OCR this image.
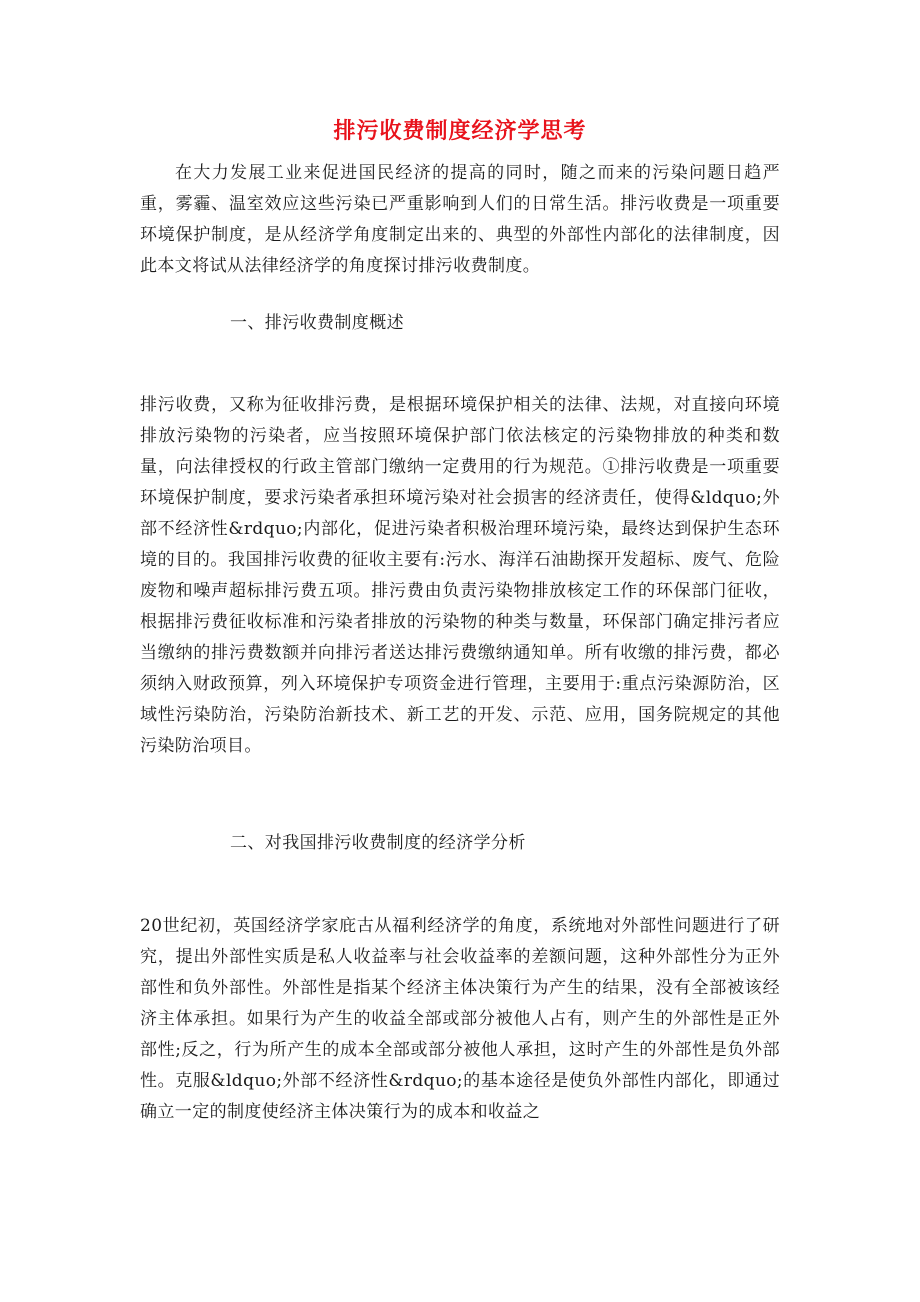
排污收费制度经济学思考

在大力发展工业来促进国民经济的提高的同时，随之而来的污染问题日趋严重，雾霾、温室效应这些污染已严重影响到人们的日常生活。排污收费是一项重要环境保护制度，是从经济学角度制定出来的、典型的外部性内部化的法律制度，因此本文将试从法律经济学的角度探讨排污收费制度。

一、排污收费制度概述

排污收费，又称为征收排污费，是根据环境保护相关的法律、法规，对直接向环境排放污染物的污染者，应当按照环境保护部门依法核定的污染物排放的种类和数量，向法律授权的行政主管部门缴纳一定费用的行为规范。①排污收费是一项重要环境保护制度，要求污染者承担环境污染对社会损害的经济责任，使得&ldquo;外部不经济性&rdquo;内部化，促进污染者积极治理环境污染，最终达到保护生态环境的目的。我国排污收费的征收主要有:污水、海洋石油勘探开发超标、废气、危险废物和噪声超标排污费五项。排污费由负责污染物排放核定工作的环保部门征收，根据排污费征收标准和污染者排放的污染物的种类与数量，环保部门确定排污者应当缴纳的排污费数额并向排污者送达排污费缴纳通知单。所有收缴的排污费，都必须纳入财政预算，列入环境保护专项资金进行管理，主要用于:重点污染源防治，区域性污染防治，污染防治新技术、新工艺的开发、示范、应用，国务院规定的其他污染防治项目。

二、对我国排污收费制度的经济学分析

20世纪初，英国经济学家庇古从福利经济学的角度，系统地对外部性问题进行了研究，提出外部性实质是私人收益率与社会收益率的差额问题，这种外部性分为正外部性和负外部性。外部性是指某个经济主体决策行为产生的结果，没有全部被该经济主体承担。如果行为产生的收益全部或部分被他人占有，则产生的外部性是正外部性;反之，行为所产生的成本全部或部分被他人承担，这时产生的外部性是负外部性。克服&ldquo;外部不经济性&rdquo;的基本途径是使负外部性内部化，即通过确立一定的制度使经济主体决策行为的成本和收益之
